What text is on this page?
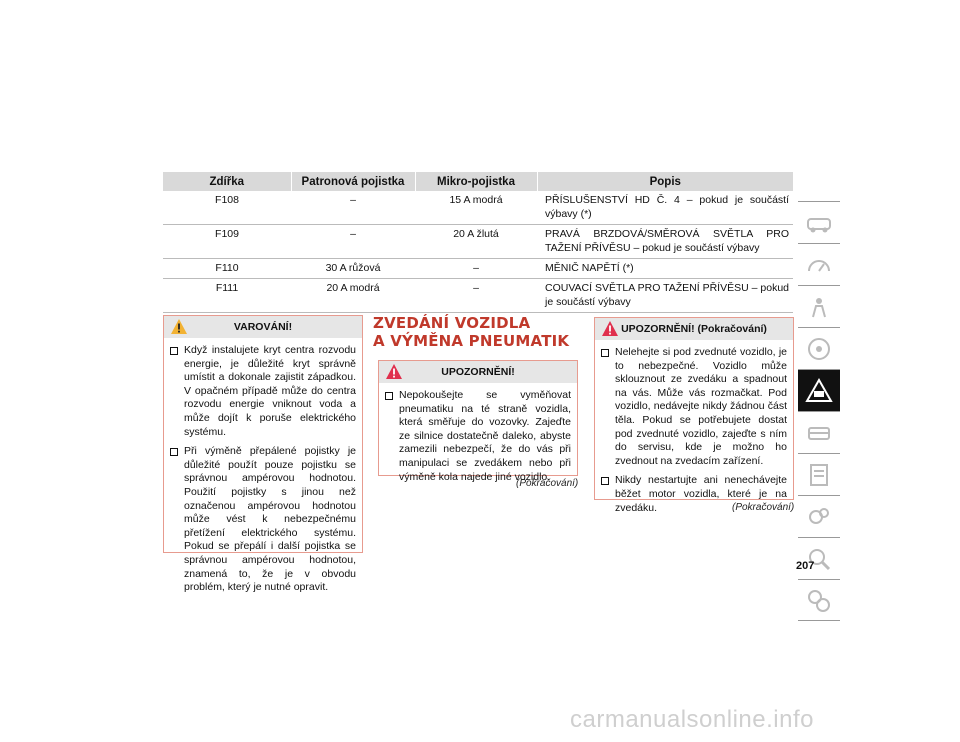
Zdířka	Patronová pojistka	Mikro-pojistka	Popis
F108	–	15 A modrá	PŘÍSLUŠENSTVÍ HD Č. 4 – pokud je součástí výbavy (*)
F109	–	20 A žlutá	PRAVÁ BRZDOVÁ/SMĚROVÁ SVĚTLA PRO TAŽENÍ PŘÍVĚSU – pokud je součástí výbavy
F110	30 A růžová	–	MĚNIČ NAPĚTÍ (*)
F111	20 A modrá	–	COUVACÍ SVĚTLA PRO TAŽENÍ PŘÍVĚSU – pokud je součástí výbavy
VAROVÁNÍ!
Když instalujete kryt centra rozvodu energie, je důležité kryt správně umístit a dokonale zajistit západkou. V opačném případě může do centra rozvodu energie vniknout voda a může dojít k poruše elektrického systému.
Při výměně přepálené pojistky je důležité použít pouze pojistku se správnou ampérovou hodnotou. Použití pojistky s jinou než označenou ampérovou hodnotou může vést k nebezpečnému přetížení elektrického systému. Pokud se přepálí i další pojistka se správnou ampérovou hodnotou, znamená to, že je v obvodu problém, který je nutné opravit.
ZVEDÁNÍ VOZIDLA
A VÝMĚNA PNEUMATIK
UPOZORNĚNÍ!
Nepokoušejte se vyměňovat pneumatiku na té straně vozidla, která směřuje do vozovky. Zajeďte ze silnice dostatečně daleko, abyste zamezili nebezpečí, že do vás při manipulaci se zvedákem nebo při výměně kola najede jiné vozidlo.
(Pokračování)
UPOZORNĚNÍ! (Pokračování)
Nelehejte si pod zvednuté vozidlo, je to nebezpečné. Vozidlo může sklouznout ze zvedáku a spadnout na vás. Může vás rozmačkat. Pod vozidlo, nedávejte nikdy žádnou část těla. Pokud se potřebujete dostat pod zvednuté vozidlo, zajeďte s ním do servisu, kde je možno ho zvednout na zvedacím zařízení.
Nikdy nestartujte ani nenechávejte běžet motor vozidla, které je na zvedáku.	(Pokračování)
207
carmanualsonline.info
